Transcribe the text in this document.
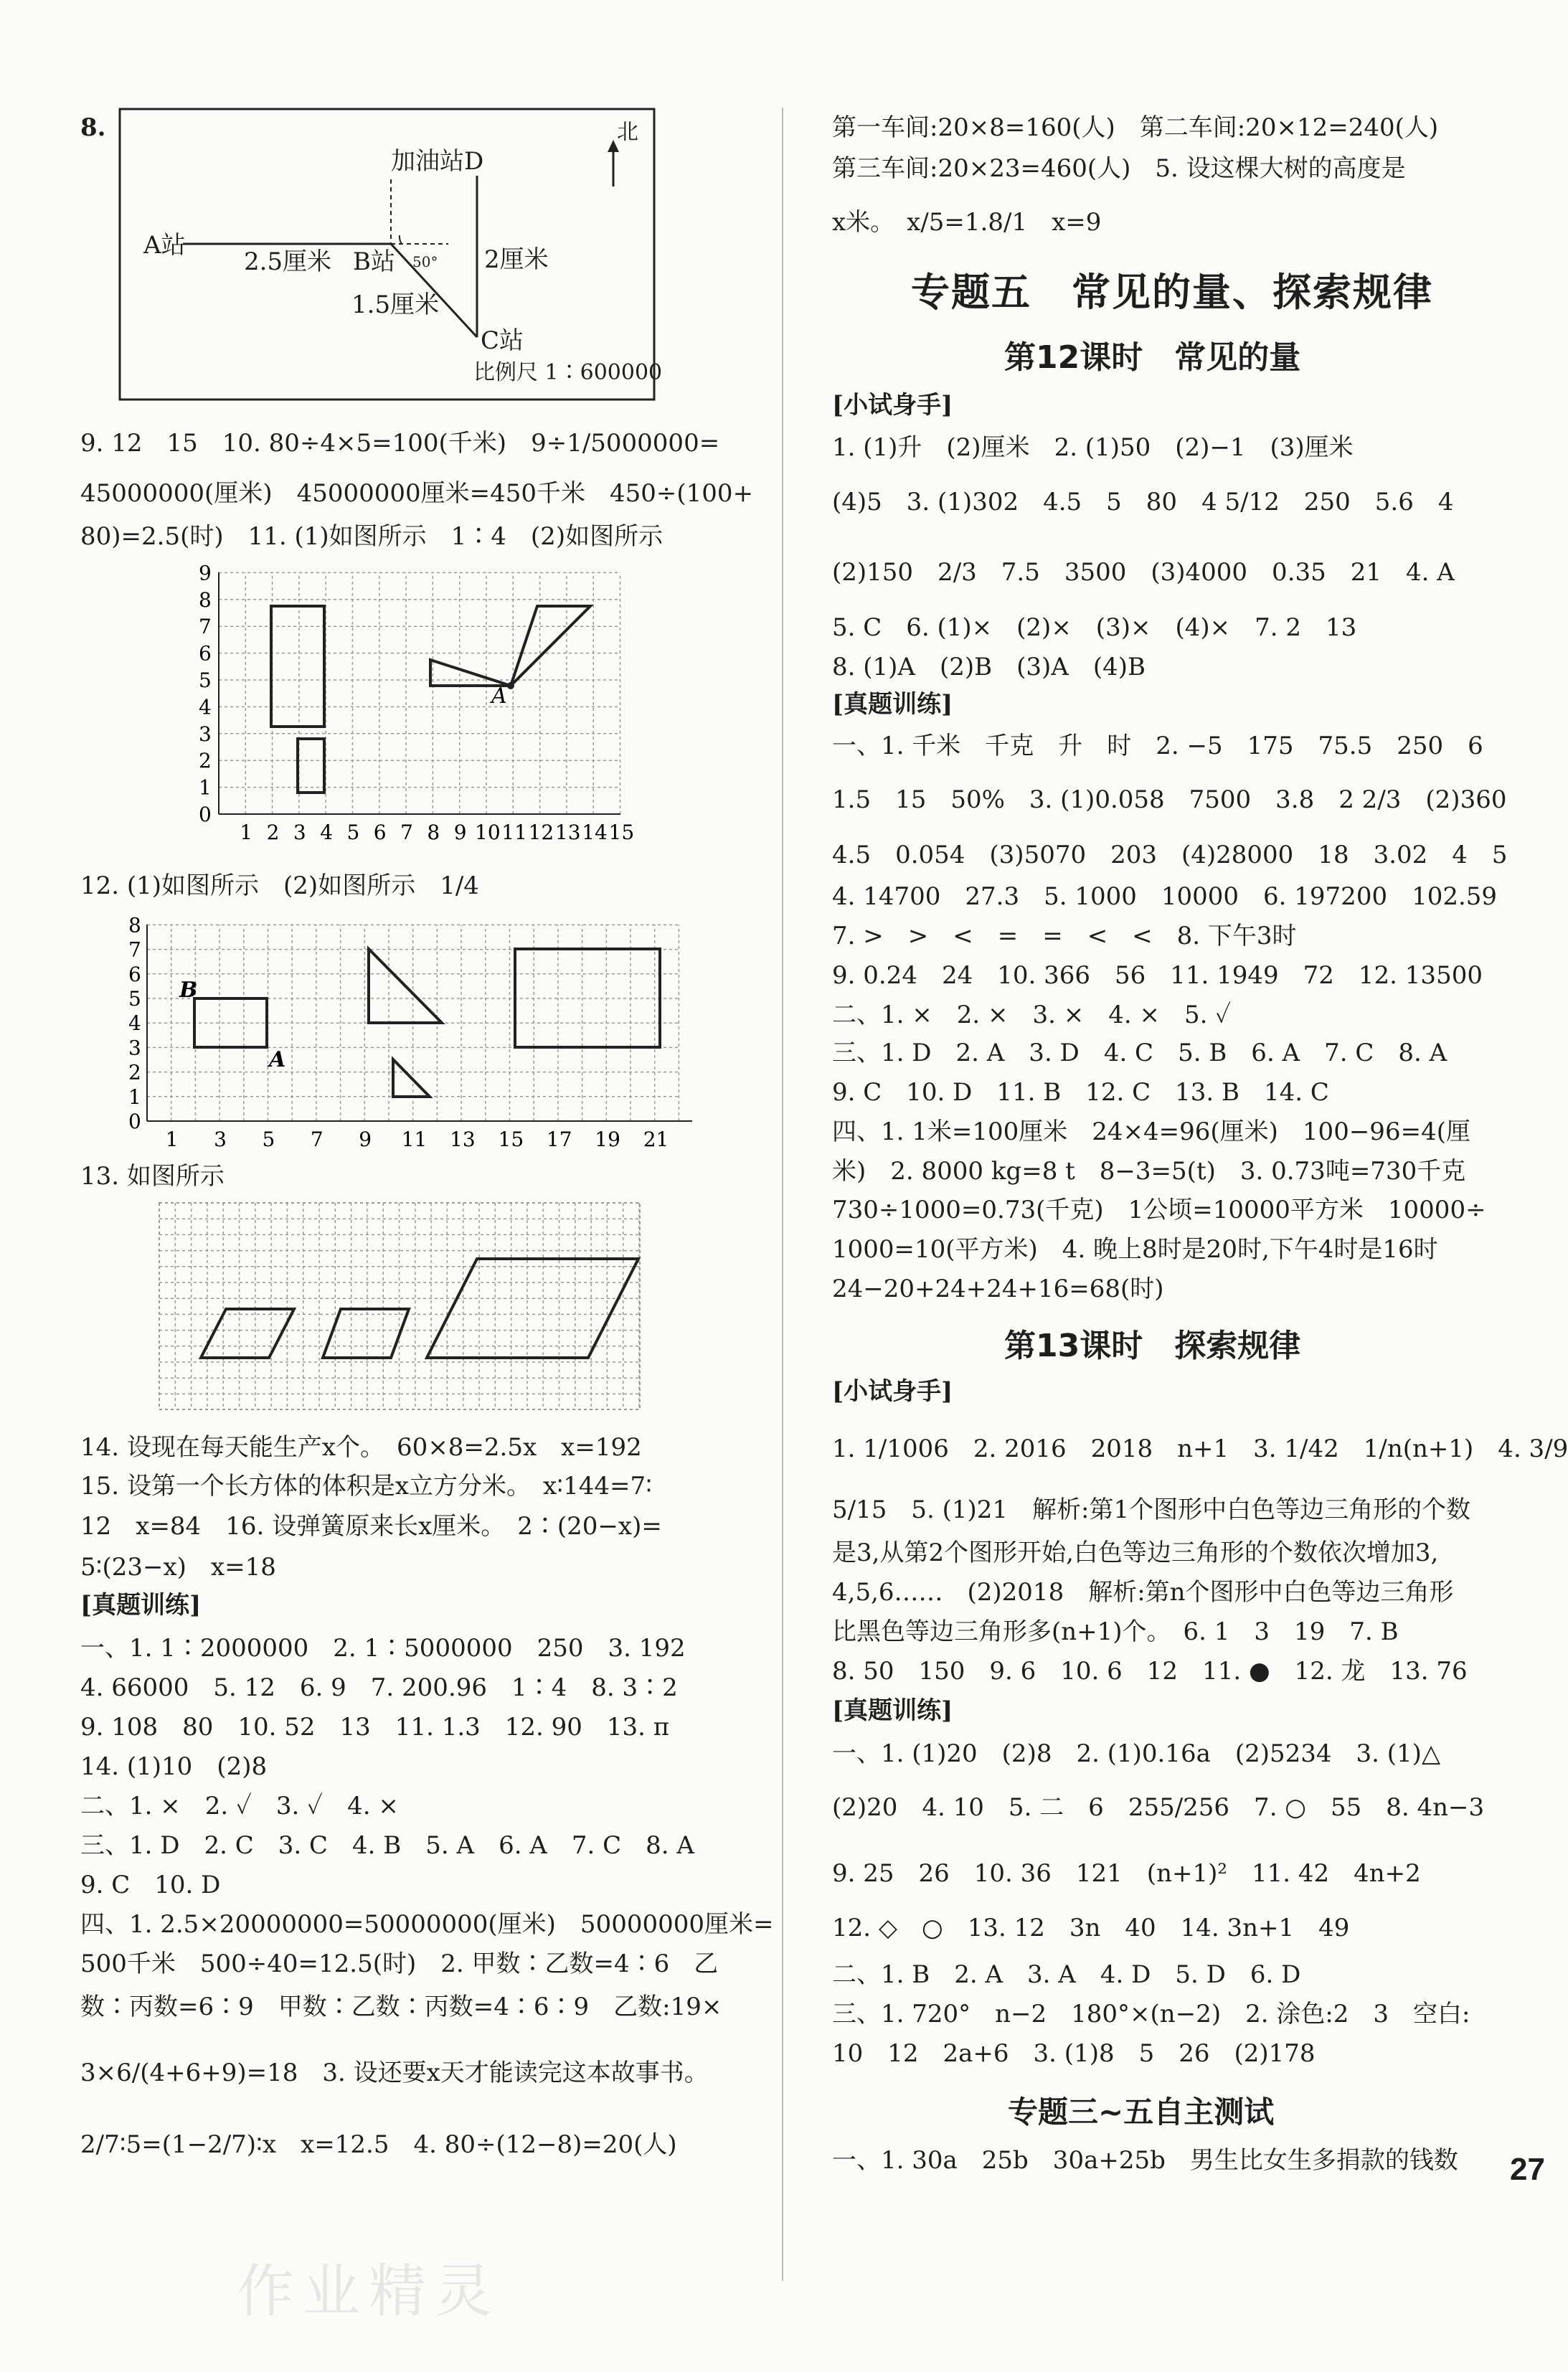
8.
加油站D
北
A站
B站
C站
2.5厘米
1.5厘米
2厘米
50°
比例尺 1∶600000
9. 12　15　10. 80÷4×5=100(千米)　9÷1/5000000=
45000000(厘米)　45000000厘米=450千米　450÷(100+
80)=2.5(时)　11. (1)如图所示　1∶4　(2)如图所示
A
0
1
2
3
4
5
6
7
8
9
1 2 3 4 5 6 7 8 9 10 11 12 13 14 15
12. (1)如图所示　(2)如图所示　1/4
B
A
0
1
2
3
4
5
6
7
8
1 3 5 7 9 11 13 15 17 19 21
13. 如图所示
14. 设现在每天能生产x个。　60×8=2.5x　x=192
15. 设第一个长方体的体积是x立方分米。　x∶144=7∶
12　x=84　16. 设弹簧原来长x厘米。　2∶(20−x)=
5∶(23−x)　x=18
[真题训练]
一、1. 1∶2000000　2. 1∶5000000　250　3. 192
4. 66000　5. 12　6. 9　7. 200.96　1∶4　8. 3∶2
9. 108　80　10. 52　13　11. 1.3　12. 90　13. π
14. (1)10　(2)8
二、1. ×　2. ✓　3. ✓　4. ×
三、1. D　2. C　3. C　4. B　5. A　6. A　7. C　8. A
9. C　10. D
四、1. 2.5×20000000=50000000(厘米)　50000000厘米=
500千米　500÷40=12.5(时)　2. 甲数∶乙数=4∶6　乙
数∶丙数=6∶9　甲数∶乙数∶丙数=4∶6∶9　乙数:19×
3×6/(4+6+9)=18　3. 设还要x天才能读完这本故事书。
2/7∶5=(1−2/7)∶x　x=12.5　4. 80÷(12−8)=20(人)
第一车间:20×8=160(人)　第二车间:20×12=240(人)
第三车间:20×23=460(人)　5. 设这棵大树的高度是
x米。　x/5=1.8/1　x=9
专题五　常见的量、探索规律
第12课时　常见的量
[小试身手]
1. (1)升　(2)厘米　2. (1)50　(2)−1　(3)厘米
(4)5　3. (1)302　4.5　5　80　4 5/12　250　5.6　4
(2)150　2/3　7.5　3500　(3)4000　0.35　21　4. A
5. C　6. (1)×　(2)×　(3)×　(4)×　7. 2　13
8. (1)A　(2)B　(3)A　(4)B
[真题训练]
一、1. 千米　千克　升　时　2. −5　175　75.5　250　6
1.5　15　50%　3. (1)0.058　7500　3.8　2 2/3　(2)360
4.5　0.054　(3)5070　203　(4)28000　18　3.02　4　5
4. 14700　27.3　5. 1000　10000　6. 197200　102.59
7. >　>　<　=　=　<　<　8. 下午3时
9. 0.24　24　10. 366　56　11. 1949　72　12. 13500
二、1. ×　2. ×　3. ×　4. ×　5. ✓
三、1. D　2. A　3. D　4. C　5. B　6. A　7. C　8. A
9. C　10. D　11. B　12. C　13. B　14. C
四、1. 1米=100厘米　24×4=96(厘米)　100−96=4(厘
米)　2. 8000 kg=8 t　8−3=5(t)　3. 0.73吨=730千克
730÷1000=0.73(千克)　1公顷=10000平方米　10000÷
1000=10(平方米)　4. 晚上8时是20时,下午4时是16时
24−20+24+24+16=68(时)
第13课时　探索规律
[小试身手]
1. 1/1006　2. 2016　2018　n+1　3. 1/42　1/n(n+1)　4. 3/9
5/15　5. (1)21　解析:第1个图形中白色等边三角形的个数
是3,从第2个图形开始,白色等边三角形的个数依次增加3,
4,5,6……　(2)2018　解析:第n个图形中白色等边三角形
比黑色等边三角形多(n+1)个。　6. 1　3　19　7. B
8. 50　150　9. 6　10. 6　12　11. ●　12. 龙　13. 76
[真题训练]
一、1. (1)20　(2)8　2. (1)0.16a　(2)5234　3. (1)△
(2)20　4. 10　5. 二　6　255/256　7. ○　55　8. 4n−3
9. 25　26　10. 36　121　(n+1)²　11. 42　4n+2
12. ◇　○　13. 12　3n　40　14. 3n+1　49
二、1. B　2. A　3. A　4. D　5. D　6. D
三、1. 720°　n−2　180°×(n−2)　2. 涂色:2　3　空白:
10　12　2a+6　3. (1)8　5　26　(2)178
专题三~五自主测试
一、1. 30a　25b　30a+25b　男生比女生多捐款的钱数 27
作业精灵
